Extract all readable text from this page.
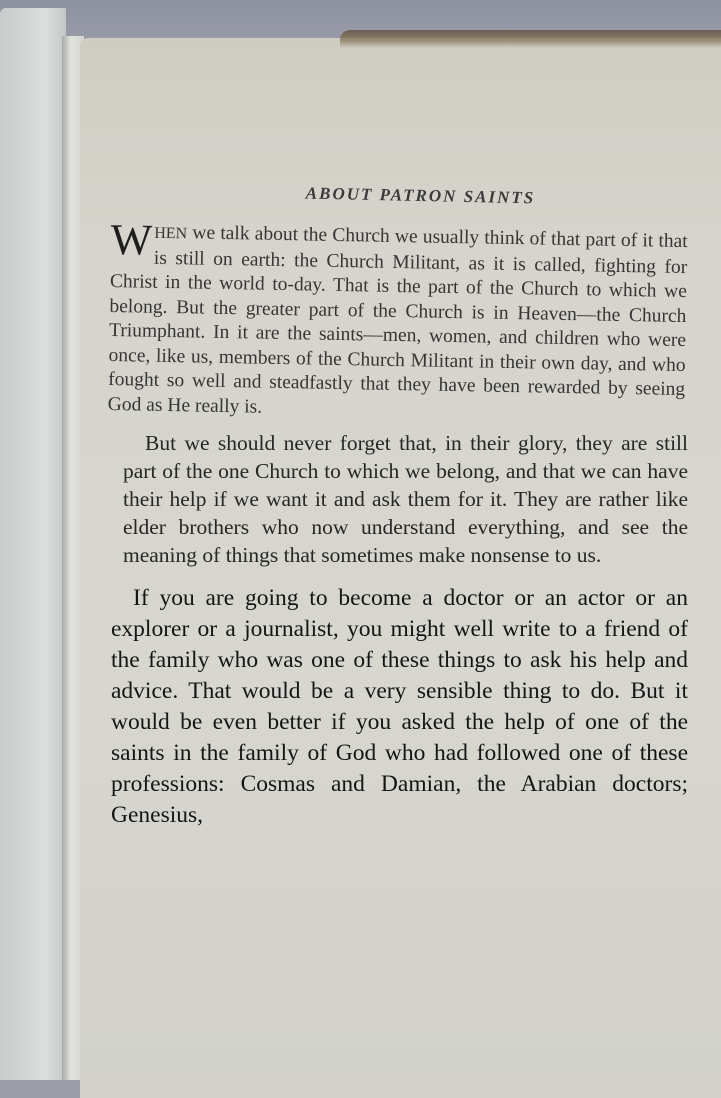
ABOUT PATRON SAINTS

WHEN we talk about the Church we usually think of that part of it that is still on earth: the Church Militant, as it is called, fighting for Christ in the world to-day. That is the part of the Church to which we belong. But the greater part of the Church is in Heaven—the Church Triumphant. In it are the saints—men, women, and children who were once, like us, members of the Church Militant in their own day, and who fought so well and steadfastly that they have been rewarded by seeing God as He really is.

But we should never forget that, in their glory, they are still part of the one Church to which we belong, and that we can have their help if we want it and ask them for it. They are rather like elder brothers who now understand everything, and see the meaning of things that sometimes make nonsense to us.

If you are going to become a doctor or an actor or an explorer or a journalist, you might well write to a friend of the family who was one of these things to ask his help and advice. That would be a very sensible thing to do. But it would be even better if you asked the help of one of the saints in the family of God who had followed one of these professions: Cosmas and Damian, the Arabian doctors; Genesius,
